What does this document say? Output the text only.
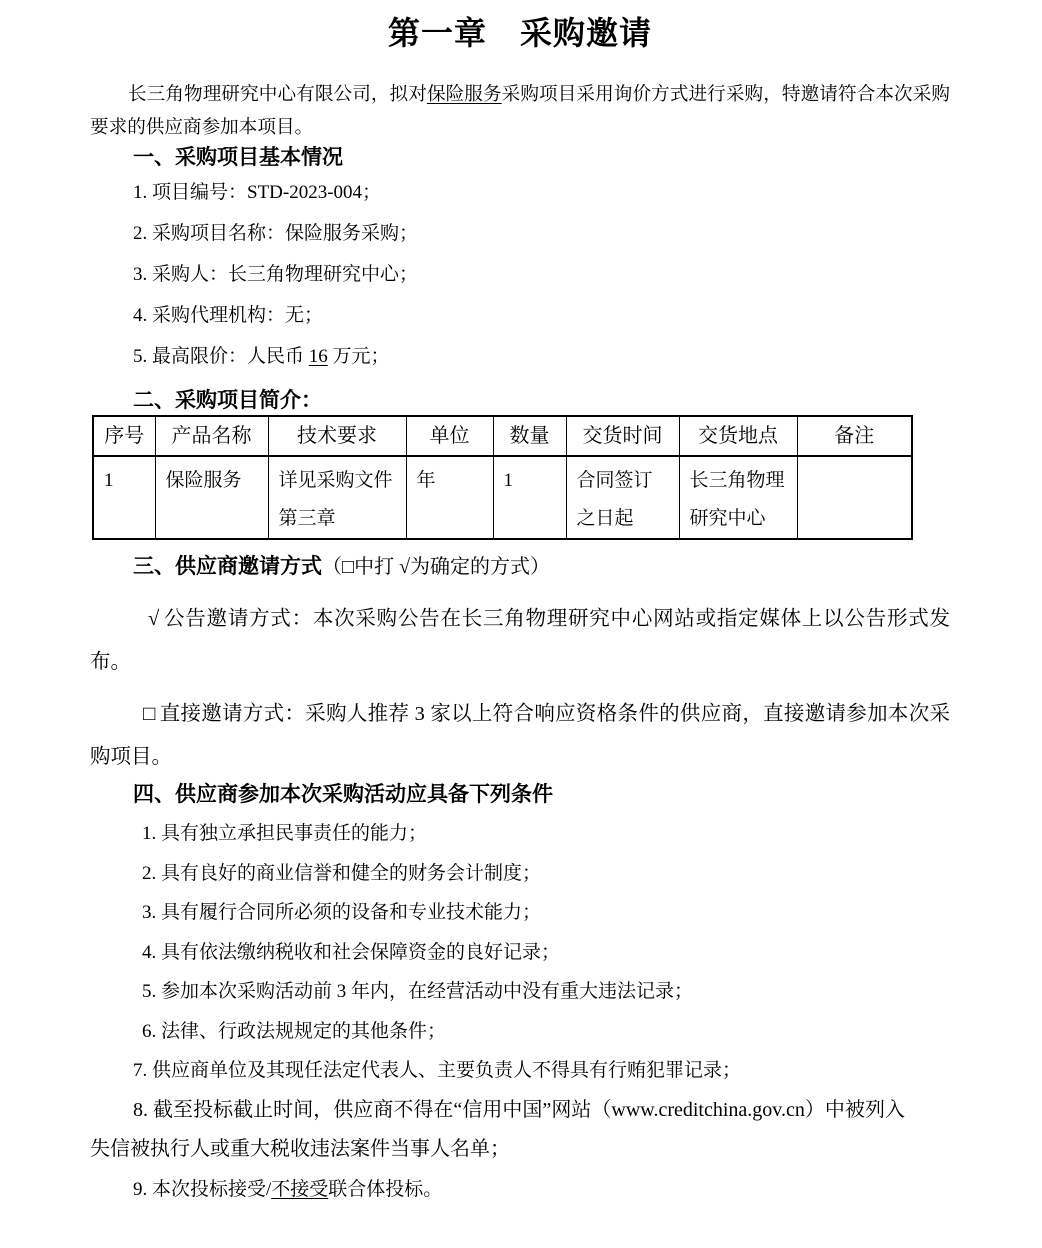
第一章　采购邀请

长三角物理研究中心有限公司，拟对保险服务采购项目采用询价方式进行采购，特邀请符合本次采购要求的供应商参加本项目。

一、采购项目基本情况

1. 项目编号：STD-2023-004；

2. 采购项目名称：保险服务采购；

3. 采购人：长三角物理研究中心；

4. 采购代理机构：无；

5. 最高限价：人民币 16 万元；

二、采购项目简介：
序号	产品名称	技术要求	单位	数量	交货时间	交货地点	备注
1	保险服务	详见采购文件第三章	年	1	合同签订之日起	长三角物理研究中心	
三、供应商邀请方式（□中打 √为确定的方式）

√ 公告邀请方式：本次采购公告在长三角物理研究中心网站或指定媒体上以公告形式发布。

□ 直接邀请方式：采购人推荐 3 家以上符合响应资格条件的供应商，直接邀请参加本次采购项目。

四、供应商参加本次采购活动应具备下列条件

1. 具有独立承担民事责任的能力；

2. 具有良好的商业信誉和健全的财务会计制度；

3. 具有履行合同所必须的设备和专业技术能力；

4. 具有依法缴纳税收和社会保障资金的良好记录；

5. 参加本次采购活动前 3 年内，在经营活动中没有重大违法记录；

6. 法律、行政法规规定的其他条件；

7. 供应商单位及其现任法定代表人、主要负责人不得具有行贿犯罪记录；

8. 截至投标截止时间，供应商不得在“信用中国”网站（www.creditchina.gov.cn）中被列入失信被执行人或重大税收违法案件当事人名单；

9. 本次投标接受/不接受联合体投标。
